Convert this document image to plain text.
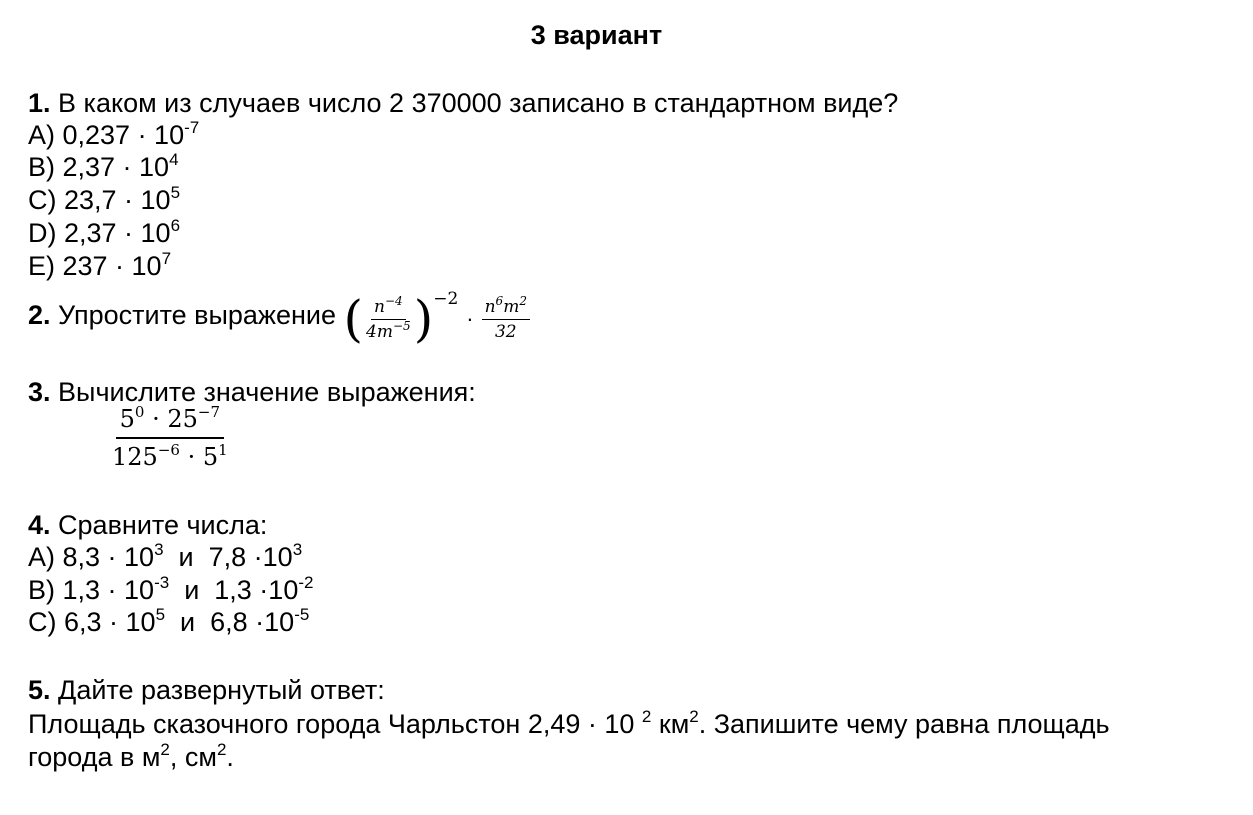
3 вариант
1. В каком из случаев число 2 370000 записано в стандартном виде?
A) $0,237 \cdot 10^{-7}$
B) $2,37 \cdot 10^4$
C) $23,7 \cdot 10^5$
D) $2,37 \cdot 10^6$
E) $237 \cdot 10^7$
2. Упростите выражение ( $\frac{n^{-4}}{4m^{-5}} )^{-2}\cdot \frac{n^6m^2}{32}$
3. Вычислите значение выражения:
$\frac{5^0 \cdot 25^{-7}}{125^{-6} \cdot 5^1}$
4. Сравните числа:
A) $8,3 \cdot 10^3$  и  $7,8 \cdot 10^3$
B) $1,3 \cdot 10^{-3}$  и  $1,3 \cdot 10^{-2}$
C) $6,3 \cdot 10^5$  и  $6,8 \cdot 10^{-5}$
5. Дайте развернутый ответ:
Площадь сказочного города Чарльстон 2,49 · 10 $^2$ $км^2$. Запишите чему равна площадь
города в $м^2$, $см^2$.
